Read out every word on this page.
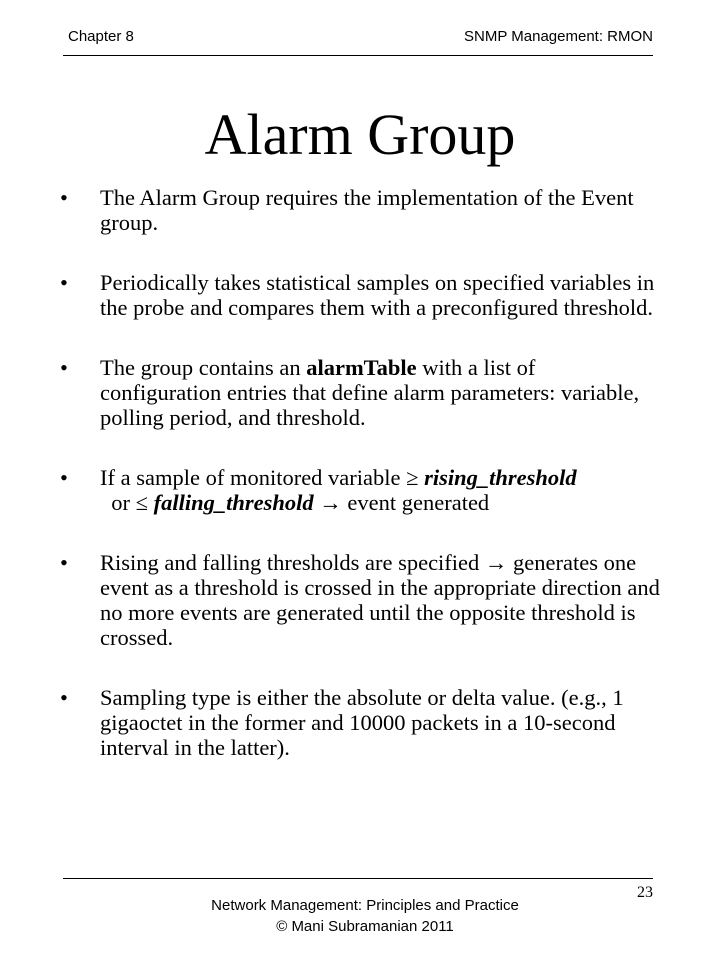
Chapter 8	SNMP Management: RMON
Alarm Group
• The Alarm Group requires the implementation of the Event group.
• Periodically takes statistical samples on specified variables in the probe and compares them with a preconfigured threshold.
• The group contains an alarmTable with a list of configuration entries that define alarm parameters: variable, polling period, and threshold.
• If a sample of monitored variable ≥ rising_threshold  or ≤ falling_threshold → event generated
• Rising and falling thresholds are specified → generates one event as a threshold is crossed in the appropriate direction and no more events are generated until the opposite threshold is crossed.
• Sampling type is either the absolute or delta value. (e.g., 1 gigaoctet in the former and 10000 packets in a 10-second interval in the latter).
23
Network Management: Principles and Practice
© Mani Subramanian 2011
